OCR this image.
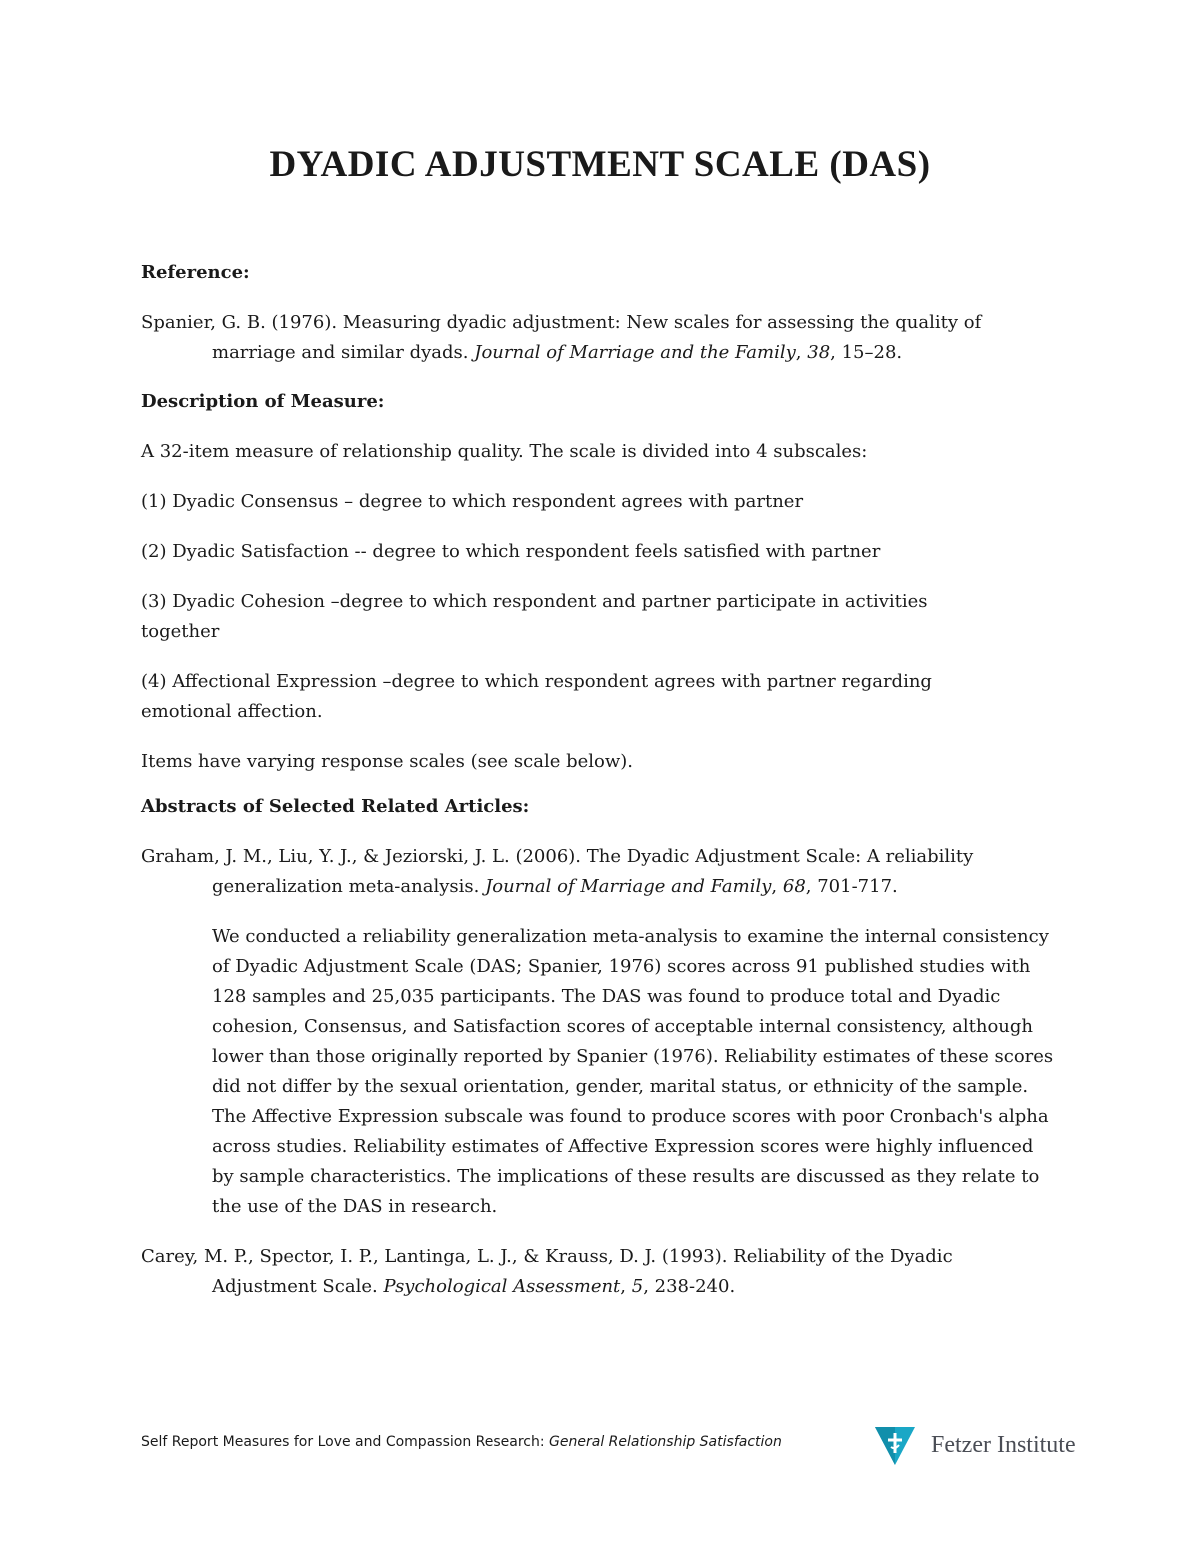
DYADIC ADJUSTMENT SCALE (DAS)
Reference:
Spanier, G. B. (1976). Measuring dyadic adjustment: New scales for assessing the quality of marriage and similar dyads. Journal of Marriage and the Family, 38, 15–28.
Description of Measure:
A 32-item measure of relationship quality. The scale is divided into 4 subscales:
(1) Dyadic Consensus – degree to which respondent agrees with partner
(2) Dyadic Satisfaction -- degree to which respondent feels satisfied with partner
(3) Dyadic Cohesion –degree to which respondent and partner participate in activities together
(4) Affectional Expression –degree to which respondent agrees with partner regarding emotional affection.
Items have varying response scales (see scale below).
Abstracts of Selected Related Articles:
Graham, J. M., Liu, Y. J., & Jeziorski, J. L. (2006). The Dyadic Adjustment Scale: A reliability generalization meta-analysis. Journal of Marriage and Family, 68, 701-717.
We conducted a reliability generalization meta-analysis to examine the internal consistency of Dyadic Adjustment Scale (DAS; Spanier, 1976) scores across 91 published studies with 128 samples and 25,035 participants. The DAS was found to produce total and Dyadic cohesion, Consensus, and Satisfaction scores of acceptable internal consistency, although lower than those originally reported by Spanier (1976). Reliability estimates of these scores did not differ by the sexual orientation, gender, marital status, or ethnicity of the sample. The Affective Expression subscale was found to produce scores with poor Cronbach's alpha across studies. Reliability estimates of Affective Expression scores were highly influenced by sample characteristics. The implications of these results are discussed as they relate to the use of the DAS in research.
Carey, M. P., Spector, I. P., Lantinga, L. J., & Krauss, D. J. (1993). Reliability of the Dyadic Adjustment Scale. Psychological Assessment, 5, 238-240.
Self Report Measures for Love and Compassion Research: General Relationship Satisfaction	Fetzer Institute
